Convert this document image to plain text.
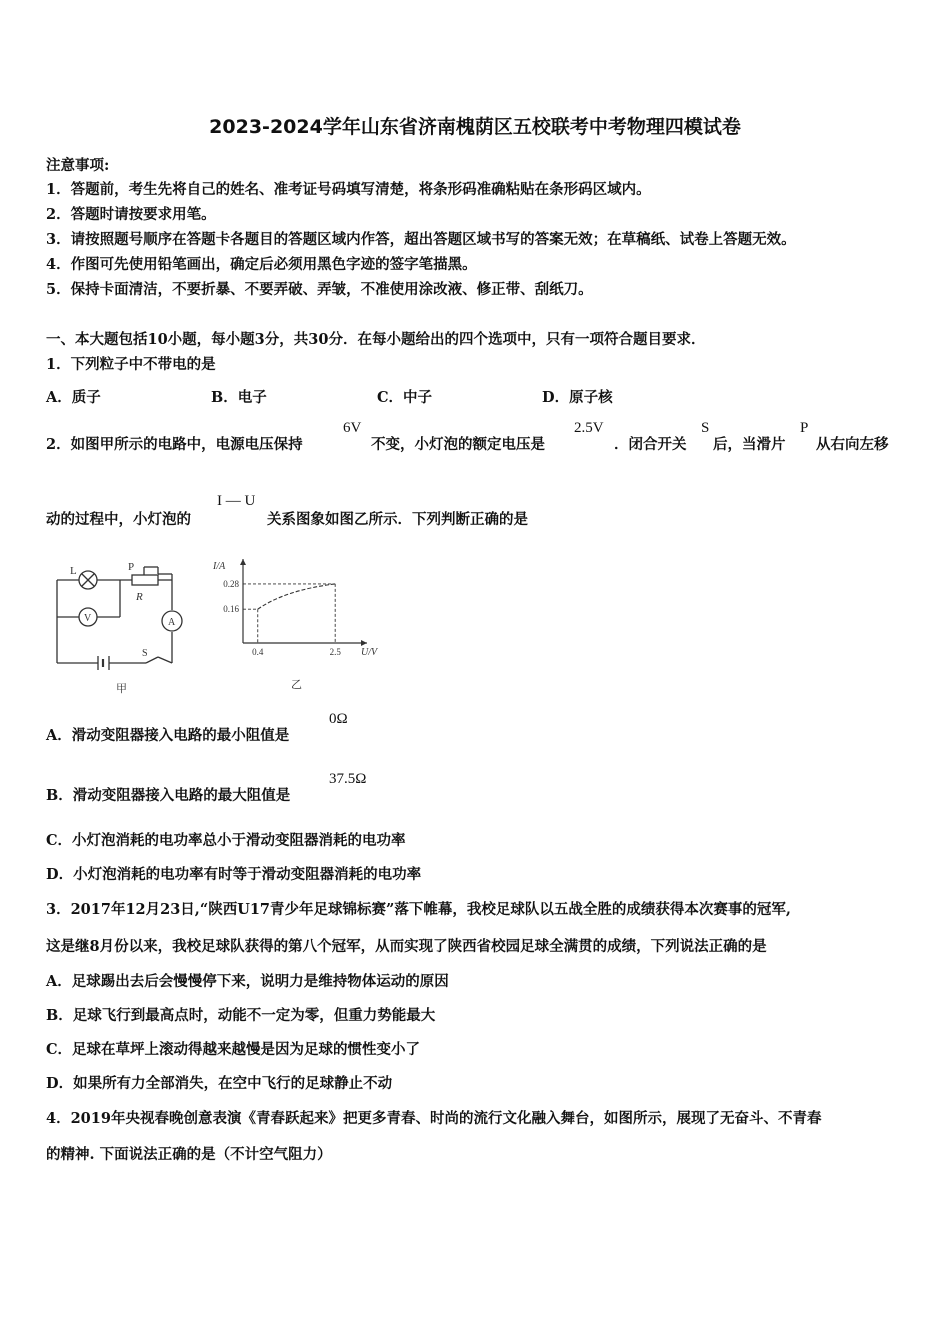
2023-2024学年山东省济南槐荫区五校联考中考物理四模试卷
注意事项:
1．答题前，考生先将自己的姓名、准考证号码填写清楚，将条形码准确粘贴在条形码区域内。
2．答题时请按要求用笔。
3．请按照题号顺序在答题卡各题目的答题区域内作答，超出答题区域书写的答案无效；在草稿纸、试卷上答题无效。
4．作图可先使用铅笔画出，确定后必须用黑色字迹的签字笔描黑。
5．保持卡面清洁，不要折暴、不要弄破、弄皱，不准使用涂改液、修正带、刮纸刀。
一、本大题包括10小题，每小题3分，共30分．在每小题给出的四个选项中，只有一项符合题目要求．
1．下列粒子中不带电的是
A．质子	B．电子	C．中子	D．原子核
2．如图甲所示的电路中，电源电压保持
6V
不变，小灯泡的额定电压是
2.5V
．闭合开关
S
后，当滑片
P
从右向左移
动的过程中，小灯泡的
I — U
关系图象如图乙所示．下列判断正确的是
L	P
R
V	A
S
甲
0.16
0.28
0.4	2.5
I/A
U/V
乙
A．滑动变阻器接入电路的最小阻值是
0Ω
B．滑动变阻器接入电路的最大阻值是
37.5Ω
C．小灯泡消耗的电功率总小于滑动变阻器消耗的电功率
D．小灯泡消耗的电功率有时等于滑动变阻器消耗的电功率
3．2017年12月23日,“陕西U17青少年足球锦标赛”落下帷幕，我校足球队以五战全胜的成绩获得本次赛事的冠军,
这是继8月份以来，我校足球队获得的第八个冠军，从而实现了陕西省校园足球全满贯的成绩，下列说法正确的是
A．足球踢出去后会慢慢停下来，说明力是维持物体运动的原因
B．足球飞行到最高点时，动能不一定为零，但重力势能最大
C．足球在草坪上滚动得越来越慢是因为足球的惯性变小了
D．如果所有力全部消失，在空中飞行的足球静止不动
4．2019年央视春晚创意表演《青春跃起来》把更多青春、时尚的流行文化融入舞台，如图所示，展现了无奋斗、不青春
的精神. 下面说法正确的是（不计空气阻力）
